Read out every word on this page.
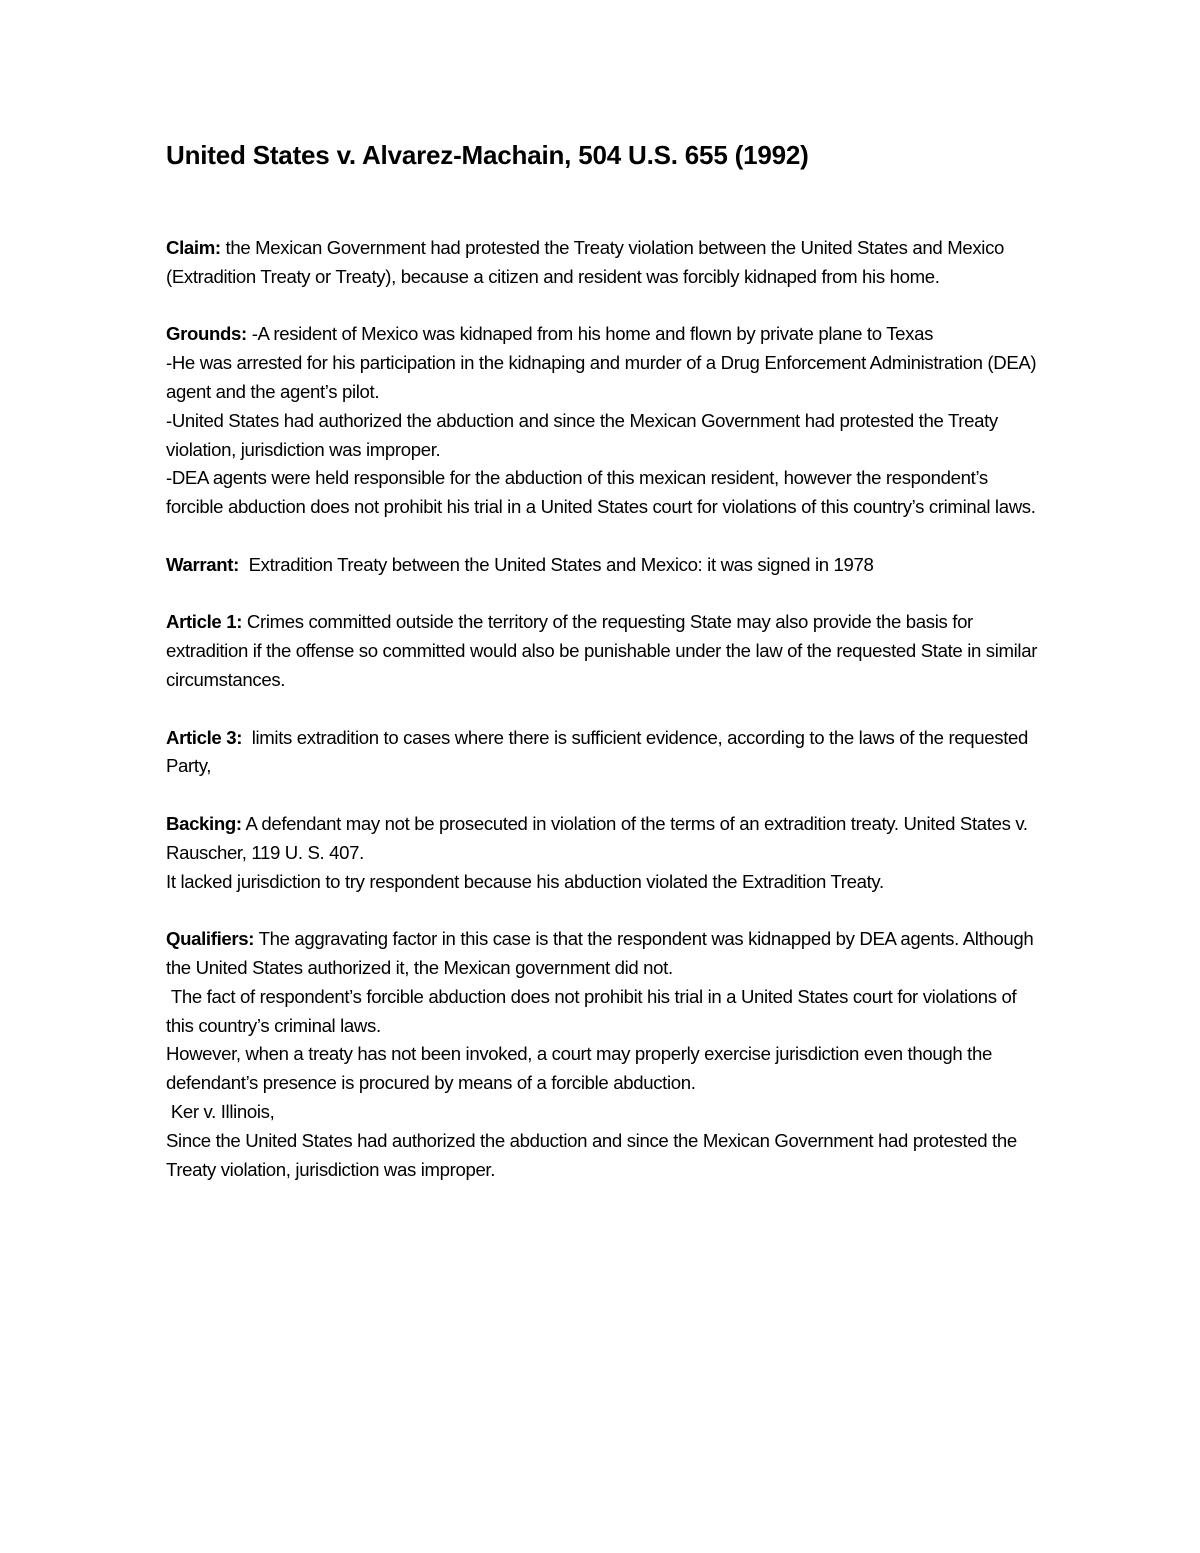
United States v. Alvarez-Machain, 504 U.S. 655 (1992)

Claim: the Mexican Government had protested the Treaty violation between the United States and Mexico (Extradition Treaty or Treaty), because a citizen and resident was forcibly kidnaped from his home.

Grounds: -A resident of Mexico was kidnaped from his home and flown by private plane to Texas
-He was arrested for his participation in the kidnaping and murder of a Drug Enforcement Administration (DEA) agent and the agent’s pilot.
-United States had authorized the abduction and since the Mexican Government had protested the Treaty violation, jurisdiction was improper.
-DEA agents were held responsible for the abduction of this mexican resident, however the respondent’s forcible abduction does not prohibit his trial in a United States court for violations of this country’s criminal laws.

Warrant:  Extradition Treaty between the United States and Mexico: it was signed in 1978

Article 1: Crimes committed outside the territory of the requesting State may also provide the basis for extradition if the offense so committed would also be punishable under the law of the requested State in similar circumstances.

Article 3:  limits extradition to cases where there is sufficient evidence, according to the laws of the requested Party,

Backing: A defendant may not be prosecuted in violation of the terms of an extradition treaty. United States v. Rauscher, 119 U. S. 407.
It lacked jurisdiction to try respondent because his abduction violated the Extradition Treaty.

Qualifiers: The aggravating factor in this case is that the respondent was kidnapped by DEA agents. Although the United States authorized it, the Mexican government did not.
The fact of respondent’s forcible abduction does not prohibit his trial in a United States court for violations of this country’s criminal laws.
However, when a treaty has not been invoked, a court may properly exercise jurisdiction even though the defendant’s presence is procured by means of a forcible abduction.
Ker v. Illinois,
Since the United States had authorized the abduction and since the Mexican Government had protested the Treaty violation, jurisdiction was improper.
